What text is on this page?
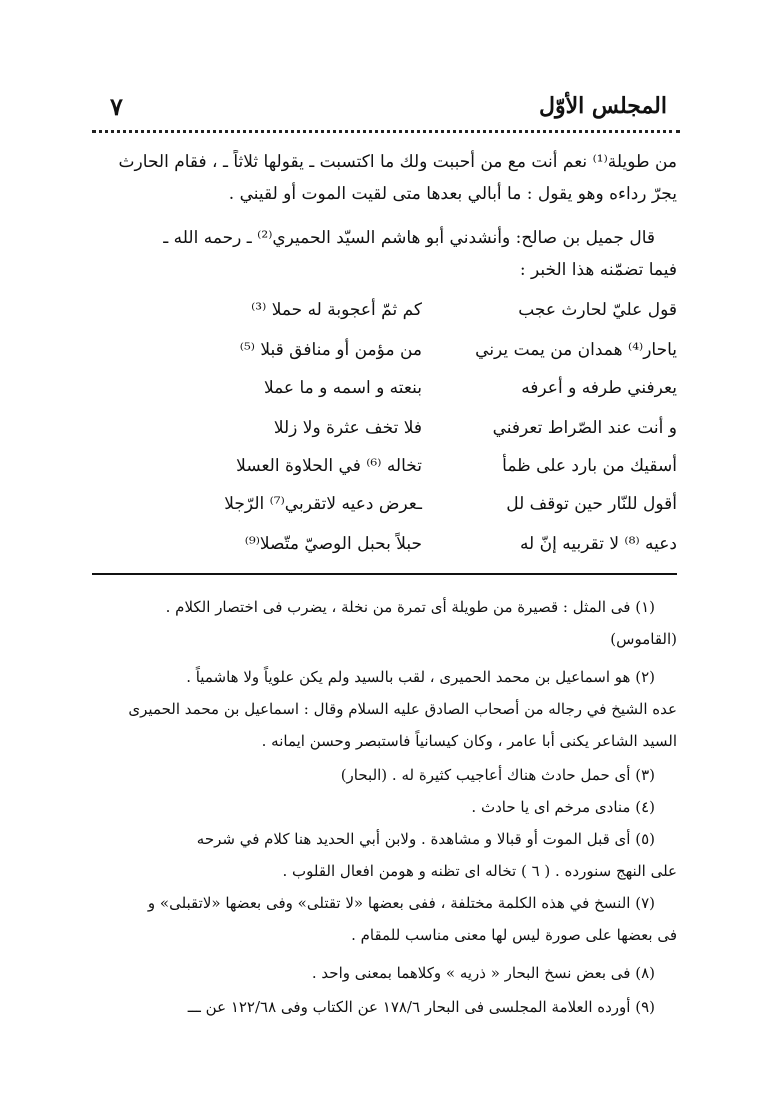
المجلس الأوّل
٧
من طويلة⁽¹⁾ نعم أنت مع من أحببت ولك ما اكتسبت ـ يقولها ثلاثاً ـ ، فقام الحارث
يجرّ رداءه وهو يقول : ما أبالي بعدها متى لقيت الموت أو لقيني .
قال جميل بن صالح: وأنشدني أبو هاشم السيّد الحميري⁽²⁾ ـ رحمه الله ـ
فيما تضمّنه هذا الخبر :
قول عليّ لحارث عجب
كم ثمّ أعجوبة له حملا ⁽³⁾
ياحار⁽⁴⁾ همدان من يمت يرني
من مؤمن أو منافق قبلا ⁽⁵⁾
يعرفني طرفه و أعرفه
بنعته و اسمه و ما عملا
و أنت عند الصّراط تعرفني
فلا تخف عثرة ولا زللا
أسقيك من بارد على ظمأ
تخاله ⁽⁶⁾ في الحلاوة العسلا
أقول للنّار حين توقف لل
ـعرض دعيه لاتقربي⁽⁷⁾ الرّجلا
دعيه ⁽⁸⁾ لا تقربيه إنّ له
حبلاً بحبل الوصيّ متّصلا⁽⁹⁾
(١) فى المثل : قصيرة من طويلة أى تمرة من نخلة ، يضرب فى اختصار الكلام .
(القاموس)
(٢) هو اسماعيل بن محمد الحميرى ، لقب بالسيد ولم يكن علوياً ولا هاشمياً .
عده الشيخ في رجاله من أصحاب الصادق عليه السلام وقال : اسماعيل بن محمد الحميرى
السيد الشاعر يكنى أبا عامر ، وكان كيسانياً فاستبصر وحسن ايمانه .
(٣) أى حمل حادث هناك أعاجيب كثيرة له . (البحار)
(٤) منادى مرخم اى يا حادث .
(٥) أى قبل الموت أو قبالا و مشاهدة . ولابن أبي الحديد هنا كلام في شرحه
على النهج سنورده . ( ٦ ) تخاله اى تظنه و هومن افعال القلوب .
(٧) النسخ في هذه الكلمة مختلفة ، ففى بعضها «لا تقتلى» وفى بعضها «لاتقبلى» و
فى بعضها على صورة ليس لها معنى مناسب للمقام .
(٨) فى بعض نسخ البحار « ذريه » وكلاهما بمعنى واحد .
(٩) أورده العلامة المجلسى فى البحار ١٧٨/٦ عن الكتاب وفى ١٢٢/٦٨ عن ـــ
